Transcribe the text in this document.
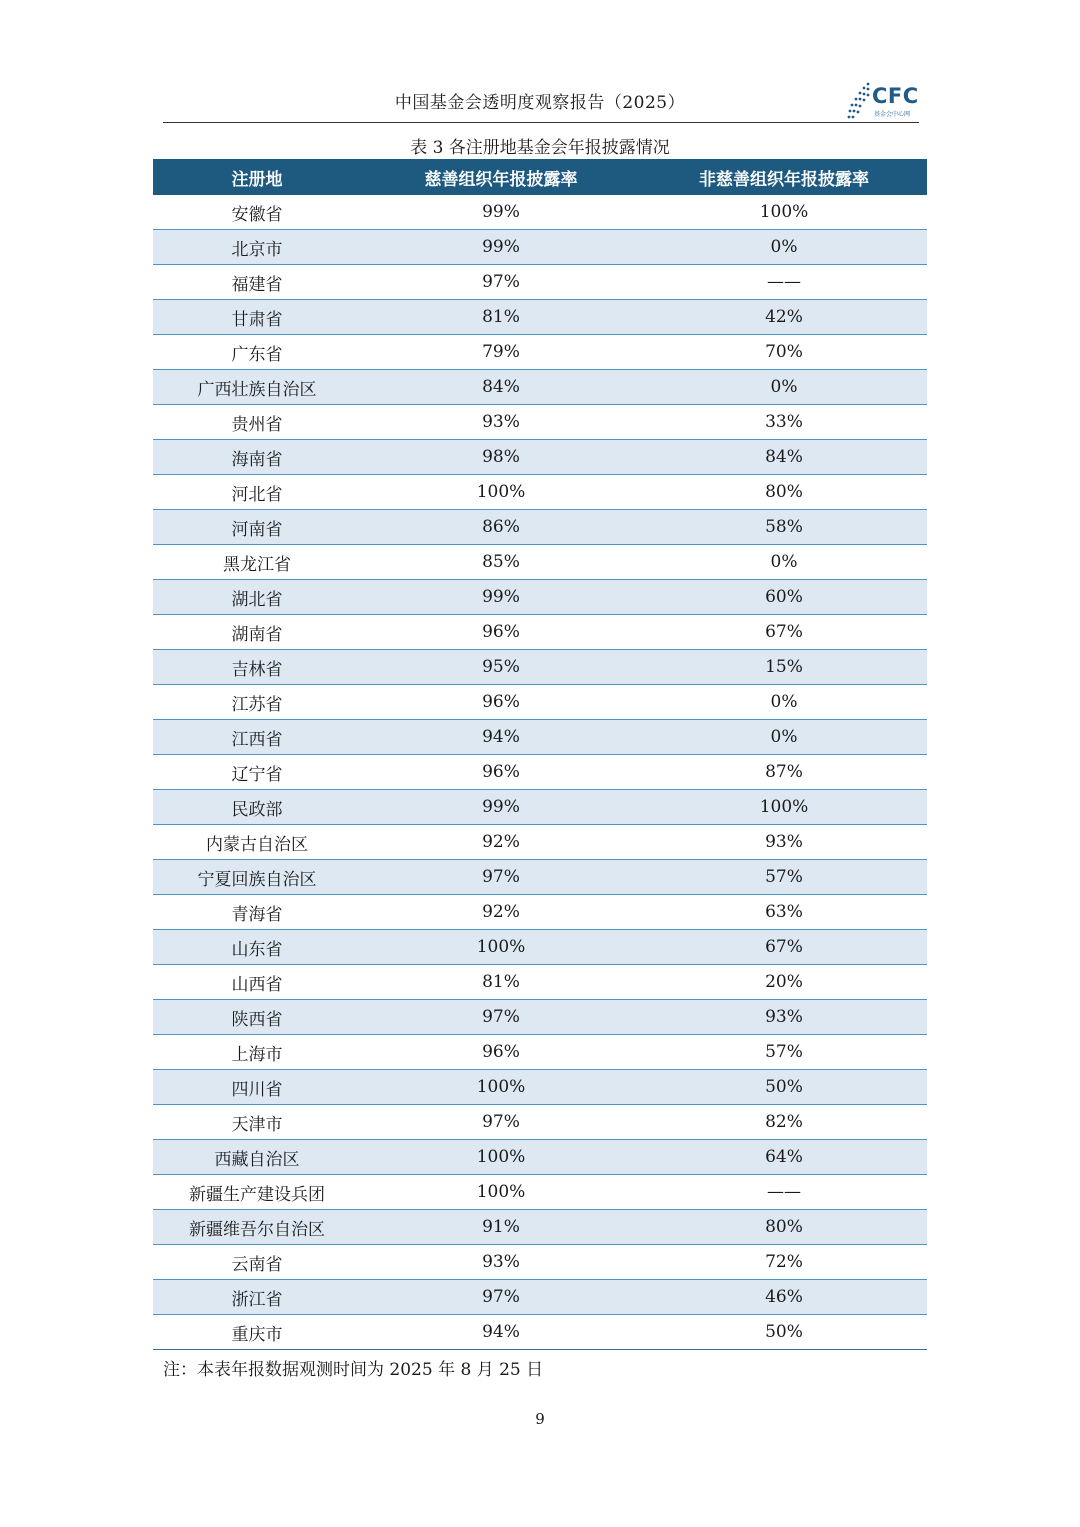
中国基金会透明度观察报告（2025）	CFC
基金会中心网
表 3 各注册地基金会年报披露情况
注册地	慈善组织年报披露率	非慈善组织年报披露率
安徽省	99%	100%
北京市	99%	0%
福建省	97%	——
甘肃省	81%	42%
广东省	79%	70%
广西壮族自治区	84%	0%
贵州省	93%	33%
海南省	98%	84%
河北省	100%	80%
河南省	86%	58%
黑龙江省	85%	0%
湖北省	99%	60%
湖南省	96%	67%
吉林省	95%	15%
江苏省	96%	0%
江西省	94%	0%
辽宁省	96%	87%
民政部	99%	100%
内蒙古自治区	92%	93%
宁夏回族自治区	97%	57%
青海省	92%	63%
山东省	100%	67%
山西省	81%	20%
陕西省	97%	93%
上海市	96%	57%
四川省	100%	50%
天津市	97%	82%
西藏自治区	100%	64%
新疆生产建设兵团	100%	——
新疆维吾尔自治区	91%	80%
云南省	93%	72%
浙江省	97%	46%
重庆市	94%	50%
注：本表年报数据观测时间为 2025 年 8 月 25 日
9
